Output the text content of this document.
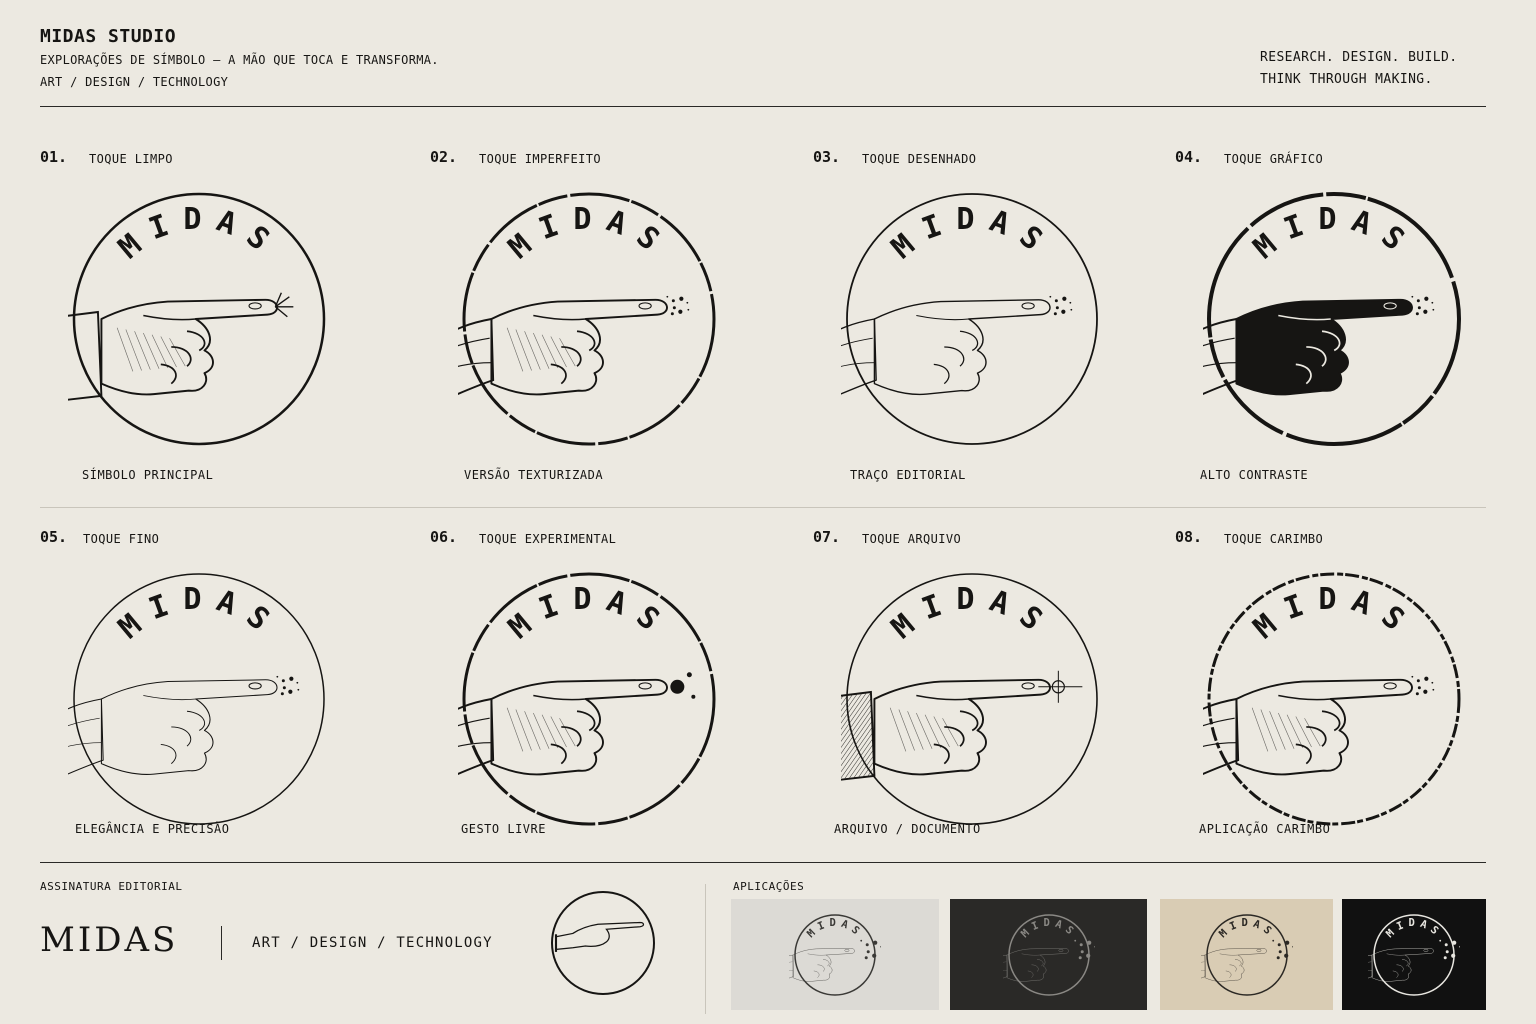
MIDAS STUDIO
EXPLORAÇÕES DE SÍMBOLO — A MÃO QUE TOCA E TRANSFORMA.
ART / DESIGN / TECHNOLOGY
RESEARCH. DESIGN. BUILD.
THINK THROUGH MAKING.
01. TOQUE LIMPO
MIDAS
SÍMBOLO PRINCIPAL
02. TOQUE IMPERFEITO
MIDAS
VERSÃO TEXTURIZADA
03. TOQUE DESENHADO
MIDAS
TRAÇO EDITORIAL
04. TOQUE GRÁFICO
MIDAS
ALTO CONTRASTE
05. TOQUE FINO
MIDAS
ELEGÂNCIA E PRECISÃO
06. TOQUE EXPERIMENTAL
MIDAS
GESTO LIVRE
07. TOQUE ARQUIVO
MIDAS
ARQUIVO / DOCUMENTO
08. TOQUE CARIMBO
MIDAS
APLICAÇÃO CARIMBO
ASSINATURA EDITORIAL
MIDAS	ART / DESIGN / TECHNOLOGY
APLICAÇÕES
MIDAS	MIDAS	MIDAS	MIDAS
